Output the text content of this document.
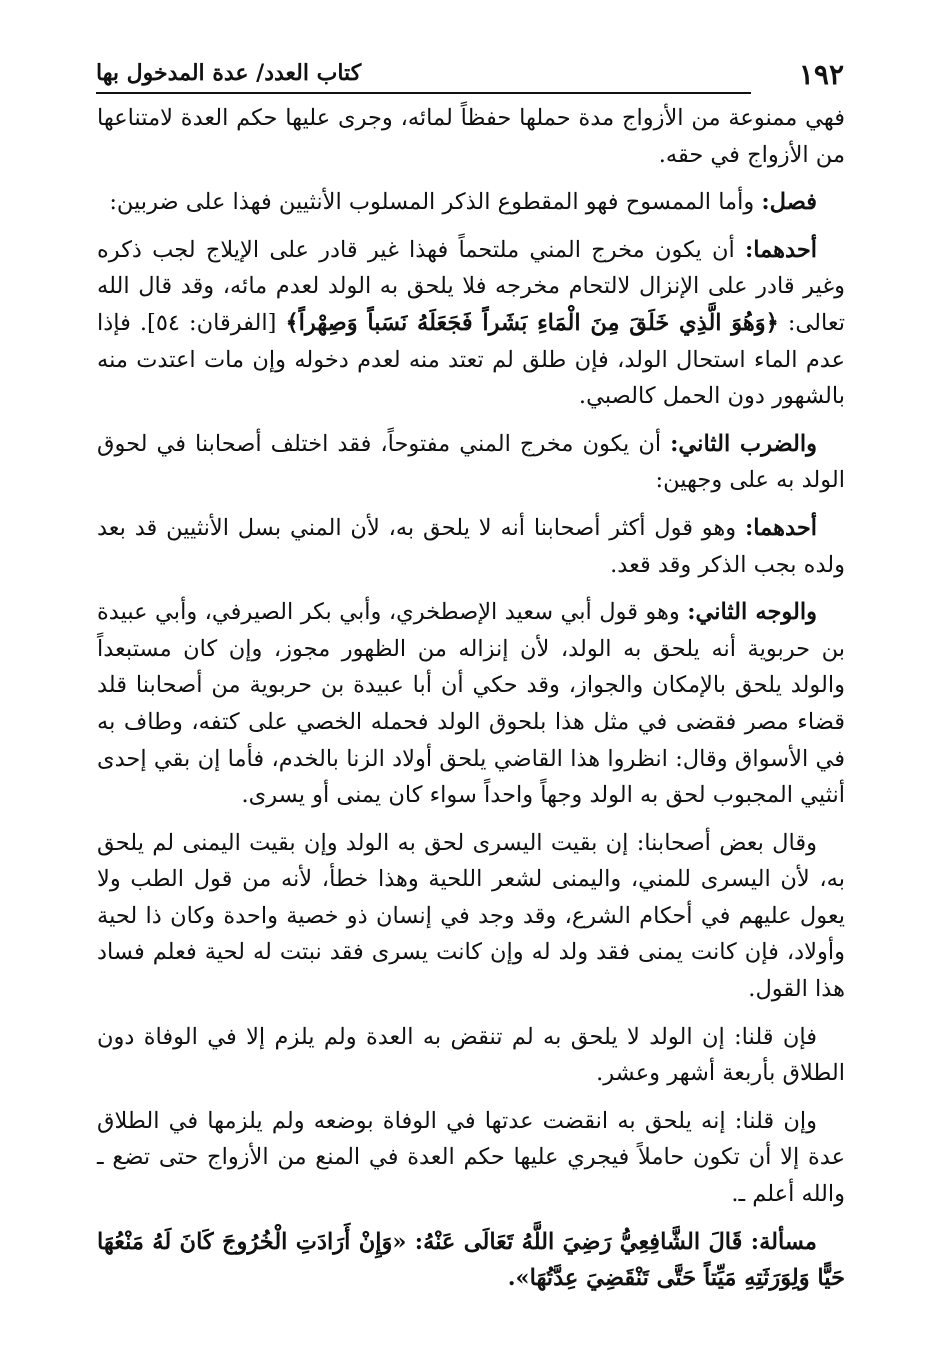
١٩٢
كتاب العدد/ عدة المدخول بها

فهي ممنوعة من الأزواج مدة حملها حفظاً لمائه، وجرى عليها حكم العدة لامتناعها من الأزواج في حقه.

فصل: وأما الممسوح فهو المقطوع الذكر المسلوب الأنثيين فهذا على ضربين:

أحدهما: أن يكون مخرج المني ملتحماً فهذا غير قادر على الإيلاج لجب ذكره وغير قادر على الإنزال لالتحام مخرجه فلا يلحق به الولد لعدم مائه، وقد قال الله تعالى: ﴿وَهُوَ الَّذِي خَلَقَ مِنَ الْمَاءِ بَشَراً فَجَعَلَهُ نَسَباً وَصِهْراً﴾ [الفرقان: ٥٤]. فإذا عدم الماء استحال الولد، فإن طلق لم تعتد منه لعدم دخوله وإن مات اعتدت منه بالشهور دون الحمل كالصبي.

والضرب الثاني: أن يكون مخرج المني مفتوحاً، فقد اختلف أصحابنا في لحوق الولد به على وجهين:

أحدهما: وهو قول أكثر أصحابنا أنه لا يلحق به، لأن المني بسل الأنثيين قد بعد ولده بجب الذكر وقد قعد.

والوجه الثاني: وهو قول أبي سعيد الإصطخري، وأبي بكر الصيرفي، وأبي عبيدة بن حربوية أنه يلحق به الولد، لأن إنزاله من الظهور مجوز، وإن كان مستبعداً والولد يلحق بالإمكان والجواز، وقد حكي أن أبا عبيدة بن حربوية من أصحابنا قلد قضاء مصر فقضى في مثل هذا بلحوق الولد فحمله الخصي على كتفه، وطاف به في الأسواق وقال: انظروا هذا القاضي يلحق أولاد الزنا بالخدم، فأما إن بقي إحدى أنثيي المجبوب لحق به الولد وجهاً واحداً سواء كان يمنى أو يسرى.

وقال بعض أصحابنا: إن بقيت اليسرى لحق به الولد وإن بقيت اليمنى لم يلحق به، لأن اليسرى للمني، واليمنى لشعر اللحية وهذا خطأ، لأنه من قول الطب ولا يعول عليهم في أحكام الشرع، وقد وجد في إنسان ذو خصية واحدة وكان ذا لحية وأولاد، فإن كانت يمنى فقد ولد له وإن كانت يسرى فقد نبتت له لحية فعلم فساد هذا القول.

فإن قلنا: إن الولد لا يلحق به لم تنقض به العدة ولم يلزم إلا في الوفاة دون الطلاق بأربعة أشهر وعشر.

وإن قلنا: إنه يلحق به انقضت عدتها في الوفاة بوضعه ولم يلزمها في الطلاق عدة إلا أن تكون حاملاً فيجري عليها حكم العدة في المنع من الأزواج حتى تضع ـ والله أعلم ـ.

مسألة: قَالَ الشَّافِعِيُّ رَضِيَ اللَّهُ تَعَالَى عَنْهُ: «وَإِنْ أَرَادَتِ الْخُرُوجَ كَانَ لَهُ مَنْعُهَا حَيًّا وَلِوَرَثَتِهِ مَيِّتاً حَتَّى تَنْقَضِيَ عِدَّتُهَا».
